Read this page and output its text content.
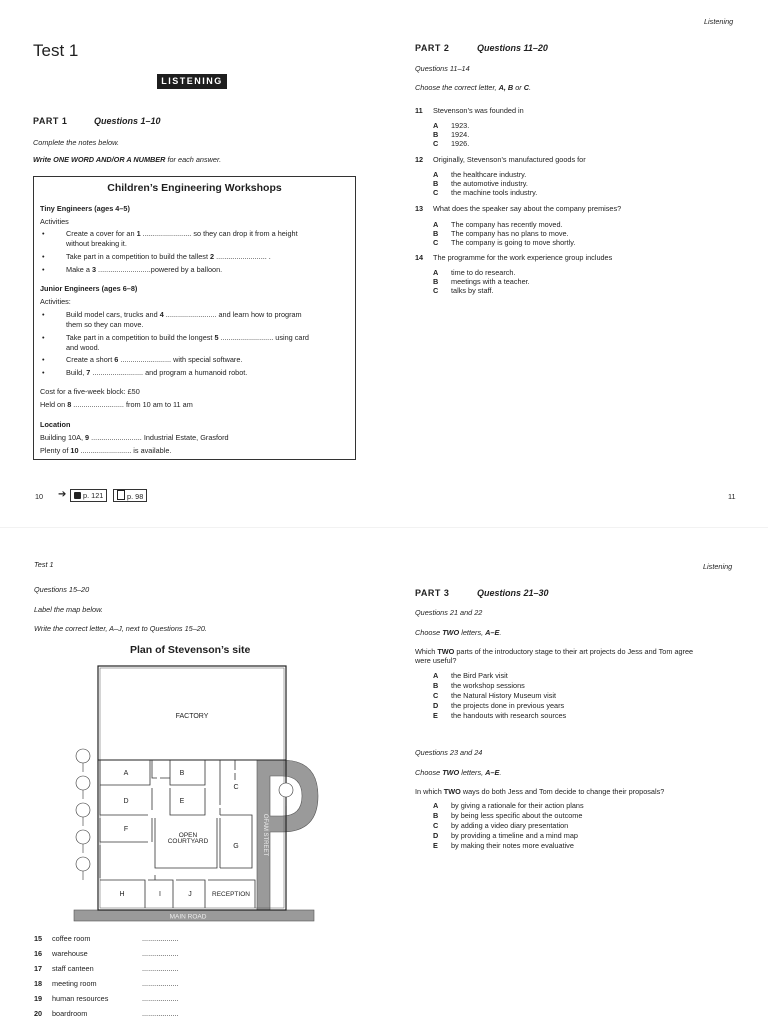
Listening
Test 1
LISTENING
PART 1	Questions 1–10
Complete the notes below.
Write ONE WORD AND/OR A NUMBER for each answer.
Children’s Engineering Workshops
Tiny Engineers (ages 4–5)
Activities
•	Create a cover for an 1 ........................ so they can drop it from a height
without breaking it.
•	Take part in a competition to build the tallest 2 ......................... .
•	Make a 3 ..........................powered by a balloon.
Junior Engineers (ages 6–8)
Activities:
•	Build model cars, trucks and 4 ......................... and learn how to program
them so they can move.
•	Take part in a competition to build the longest 5 .......................... using card
and wood.
•	Create a short 6 ......................... with special software.
•	Build, 7 ......................... and program a humanoid robot.
Cost for a five-week block: £50
Held on 8 ......................... from 10 am to 11 am
Location
Building 10A, 9 ......................... Industrial Estate, Grasford
Plenty of 10 ......................... is available.
10 ➔	p. 121	p. 98
PART 2	Questions 11–20
Questions 11–14
Choose the correct letter, A, B or C.
11 Stevenson’s was founded in
A 1923.
B 1924.
C 1926.
12 Originally, Stevenson’s manufactured goods for
A the healthcare industry.
B the automotive industry.
C the machine tools industry.
13 What does the speaker say about the company premises?
A The company has recently moved.
B The company has no plans to move.
C The company is going to move shortly.
14 The programme for the work experience group includes
A time to do research.
B meetings with a teacher.
C talks by staff.
11
Test 1	Listening
Questions 15–20
Label the map below.
Write the correct letter, A–J, next to Questions 15–20.
Plan of Stevenson’s site
FACTORY
A	B
C
D	E
F
OPEN
COURTYARD
G
H	I	J	RECEPTION
MAIN ROAD
OFAM STREET
15 coffee room	..................
16 warehouse	..................
17 staff canteen	..................
18 meeting room	..................
19 human resources	..................
20 boardroom	..................
PART 3	Questions 21–30
Questions 21 and 22
Choose TWO letters, A–E.
Which TWO parts of the introductory stage to their art projects do Jess and Tom agree
were useful?
A the Bird Park visit
B the workshop sessions
C the Natural History Museum visit
D the projects done in previous years
E the handouts with research sources
Questions 23 and 24
Choose TWO letters, A–E.
In which TWO ways do both Jess and Tom decide to change their proposals?
A by giving a rationale for their action plans
B by being less specific about the outcome
C by adding a video diary presentation
D by providing a timeline and a mind map
E by making their notes more evaluative
